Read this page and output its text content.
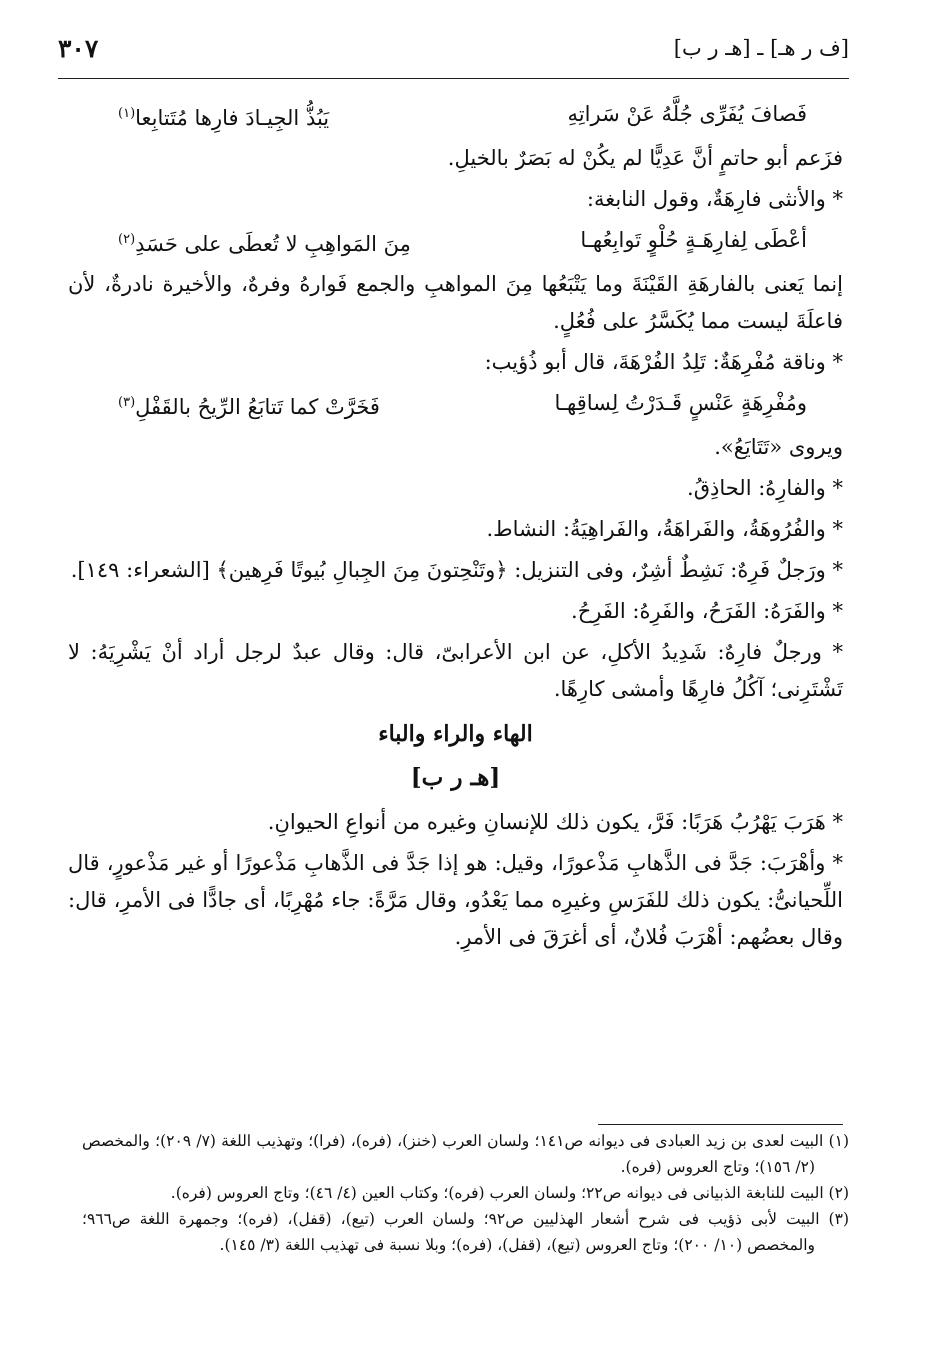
٣٠٧	[ف ر هـ] ـ [هـ ر ب]
فَصافَ يُفَرِّى جُلَّهُ عَنْ سَراتِهِ
يَبُذُّ الجِيـادَ فارِها مُتَتابِعا$^{(١)}$

فزَعم أبو حاتمٍ أنَّ عَدِيًّا لم يكُنْ له بَصَرٌ بالخيلِ.

* والأنثى فارِهَةٌ، وقول النابغة:

أعْطَى لِفارِهَـةٍ حُلْوٍ تَوابِعُهـا
مِنَ المَواهِبِ لا تُعطَى على حَسَدِ$^{(٢)}$

إنما يَعنى بالفارهَةِ القَيْنَةَ وما يَتْبَعُها مِنَ المواهبِ والجمع فَوارهُ وفرهٌ، والأخيرة نادرةٌ، لأن فاعلَةَ ليست مما يُكَسَّرُ على فُعُلٍ.

* وناقة مُفْرِهَةٌ: تَلِدُ الفُرْهَةَ، قال أبو ذُؤيب:

ومُفْرِهَةٍ عَنْسٍ قَـدَرْتُ لِساقِهـا
فَخَرَّتْ كما تَتابَعُ الرِّيحُ بالقَفْلِ$^{(٣)}$

ويروى «تَتَايَعُ».

* والفارِهُ: الحاذِقُ.

* والفُرُوهَةُ، والفَراهَةُ، والفَراهِيَةُ: النشاط.

* ورَجلٌ فَرِهٌ: نَشِطٌ أشِرٌ، وفى التنزيل: ﴿وتَنْحِتونَ مِنَ الجِبالِ بُيوتًا فَرِهين﴾ [الشعراء: ١٤٩].

* والفَرَهُ: الفَرَحُ، والفَرِهُ: الفَرِحُ.

* ورجلٌ فارِهٌ: شَدِيدُ الأكلِ، عن ابن الأعرابىّ، قال: وقال عبدٌ لرجل أراد أنْ يَشْرِيَهُ: لا تَشْتَرِنى؛ آكُلُ فارِهًا وأمشى كارِهًا.

الهاء والراء والباء
[هـ ر ب]

* هَرَبَ يَهْرُبُ هَرَبًا: فَرَّ، يكون ذلك للإنسانِ وغيره من أنواعِ الحيوانِ.

* وأهْرَبَ: جَدَّ فى الذَّهابِ مَذْعورًا، وقيل: هو إذا جَدَّ فى الذَّهابِ مَذْعورًا أو غير مَذْعورٍ، قال اللِّحيانىُّ: يكون ذلك للفَرَسِ وغيرِه مما يَعْدُو، وقال مَرَّةً: جاء مُهْرِبًا، أى جادًّا فى الأمرِ، قال: وقال بعضُهم: أهْرَبَ فُلانٌ، أى أغرَقَ فى الأمرِ.

(١) البيت لعدى بن زيد العبادى فى ديوانه ص١٤١؛ ولسان العرب (خنز)، (فره)، (فرا)؛ وتهذيب اللغة (٧/ ٢٠٩)؛ والمخصص (٢/ ١٥٦)؛ وتاج العروس (فره).

(٢) البيت للنابغة الذبيانى فى ديوانه ص٢٢؛ ولسان العرب (فره)؛ وكتاب العين (٤/ ٤٦)؛ وتاج العروس (فره).

(٣) البيت لأبى ذؤيب فى شرح أشعار الهذليين ص٩٢؛ ولسان العرب (تيع)، (قفل)، (فره)؛ وجمهرة اللغة ص٩٦٦؛ والمخصص (١٠/ ٢٠٠)؛ وتاج العروس (تيع)، (قفل)، (فره)؛ وبلا نسبة فى تهذيب اللغة (٣/ ١٤٥).
